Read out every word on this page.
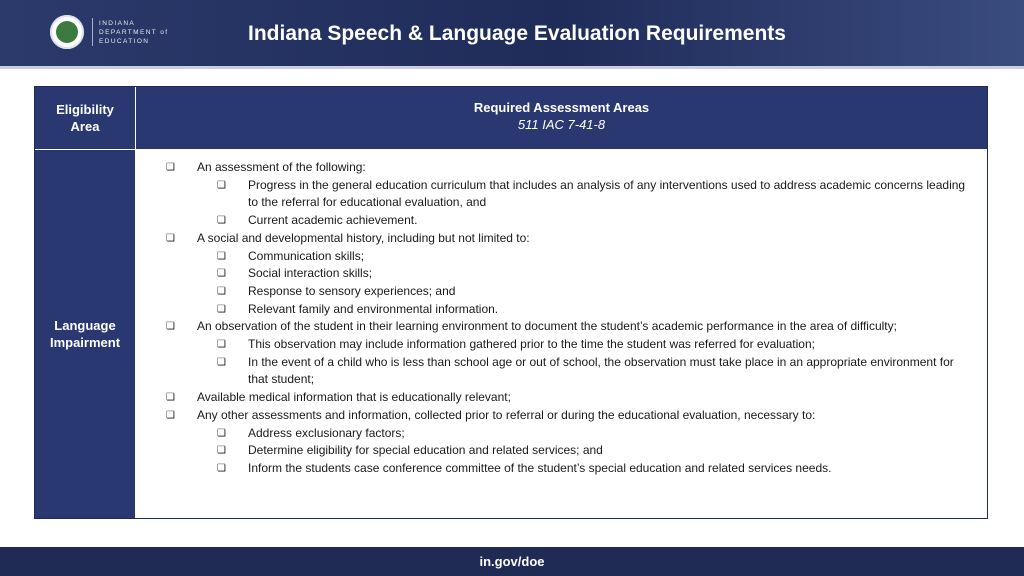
INDIANA
DEPARTMENT of
EDUCATION	Indiana Speech & Language Evaluation Requirements
Eligibility Area
Required Assessment Areas
511 IAC 7-41-8
Language Impairment
❏ An assessment of the following:
❏ Progress in the general education curriculum that includes an analysis of any interventions used to address academic concerns leading to the referral for educational evaluation, and
❏ Current academic achievement.
❏ A social and developmental history, including but not limited to:
❏ Communication skills;
❏ Social interaction skills;
❏ Response to sensory experiences; and
❏ Relevant family and environmental information.
❏ An observation of the student in their learning environment to document the student’s academic performance in the area of difficulty;
❏ This observation may include information gathered prior to the time the student was referred for evaluation;
❏ In the event of a child who is less than school age or out of school, the observation must take place in an appropriate environment for that student;
❏ Available medical information that is educationally relevant;
❏ Any other assessments and information, collected prior to referral or during the educational evaluation, necessary to:
❏ Address exclusionary factors;
❏ Determine eligibility for special education and related services; and
❏ Inform the students case conference committee of the student’s special education and related services needs.
in.gov/doe
